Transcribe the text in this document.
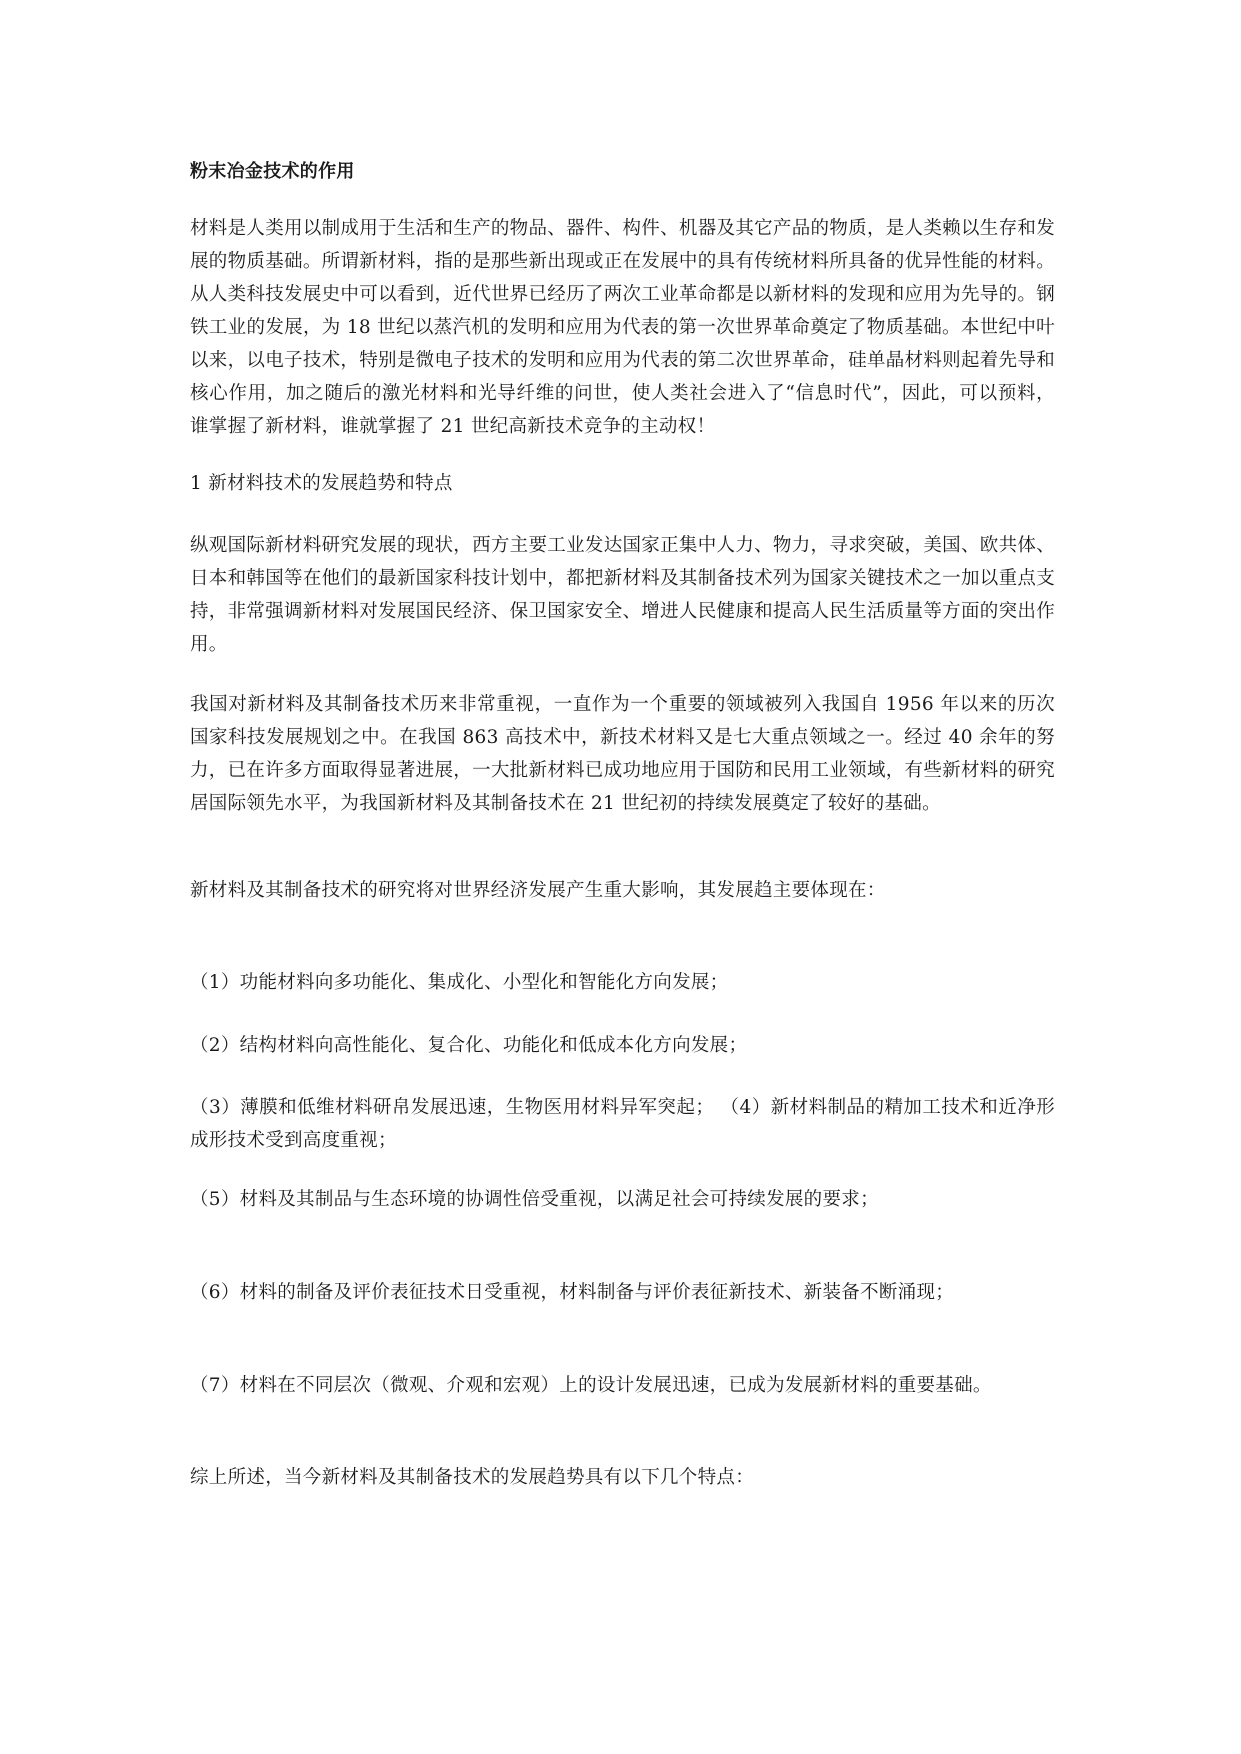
粉末冶金技术的作用

材料是人类用以制成用于生活和生产的物品、器件、构件、机器及其它产品的物质，是人类赖以生存和发展的物质基础。所谓新材料，指的是那些新出现或正在发展中的具有传统材料所具备的优异性能的材料。从人类科技发展史中可以看到，近代世界已经历了两次工业革命都是以新材料的发现和应用为先导的。钢铁工业的发展，为 18 世纪以蒸汽机的发明和应用为代表的第一次世界革命奠定了物质基础。本世纪中叶以来，以电子技术，特别是微电子技术的发明和应用为代表的第二次世界革命，硅单晶材料则起着先导和核心作用，加之随后的激光材料和光导纤维的问世，使人类社会进入了“信息时代”，因此，可以预料，谁掌握了新材料，谁就掌握了 21 世纪高新技术竞争的主动权！

1 新材料技术的发展趋势和特点

纵观国际新材料研究发展的现状，西方主要工业发达国家正集中人力、物力，寻求突破，美国、欧共体、日本和韩国等在他们的最新国家科技计划中，都把新材料及其制备技术列为国家关键技术之一加以重点支持，非常强调新材料对发展国民经济、保卫国家安全、增进人民健康和提高人民生活质量等方面的突出作用。

我国对新材料及其制备技术历来非常重视，一直作为一个重要的领域被列入我国自 1956 年以来的历次国家科技发展规划之中。在我国 863 高技术中，新技术材料又是七大重点领域之一。经过 40 余年的努力，已在许多方面取得显著进展，一大批新材料已成功地应用于国防和民用工业领域，有些新材料的研究居国际领先水平，为我国新材料及其制备技术在 21 世纪初的持续发展奠定了较好的基础。

新材料及其制备技术的研究将对世界经济发展产生重大影响，其发展趋主要体现在：

（1）功能材料向多功能化、集成化、小型化和智能化方向发展；

（2）结构材料向高性能化、复合化、功能化和低成本化方向发展；

（3）薄膜和低维材料研帛发展迅速，生物医用材料异军突起； （4）新材料制品的精加工技术和近净形成形技术受到高度重视；

（5）材料及其制品与生态环境的协调性倍受重视，以满足社会可持续发展的要求；

（6）材料的制备及评价表征技术日受重视，材料制备与评价表征新技术、新装备不断涌现；

（7）材料在不同层次（微观、介观和宏观）上的设计发展迅速，已成为发展新材料的重要基础。

综上所述，当今新材料及其制备技术的发展趋势具有以下几个特点：
